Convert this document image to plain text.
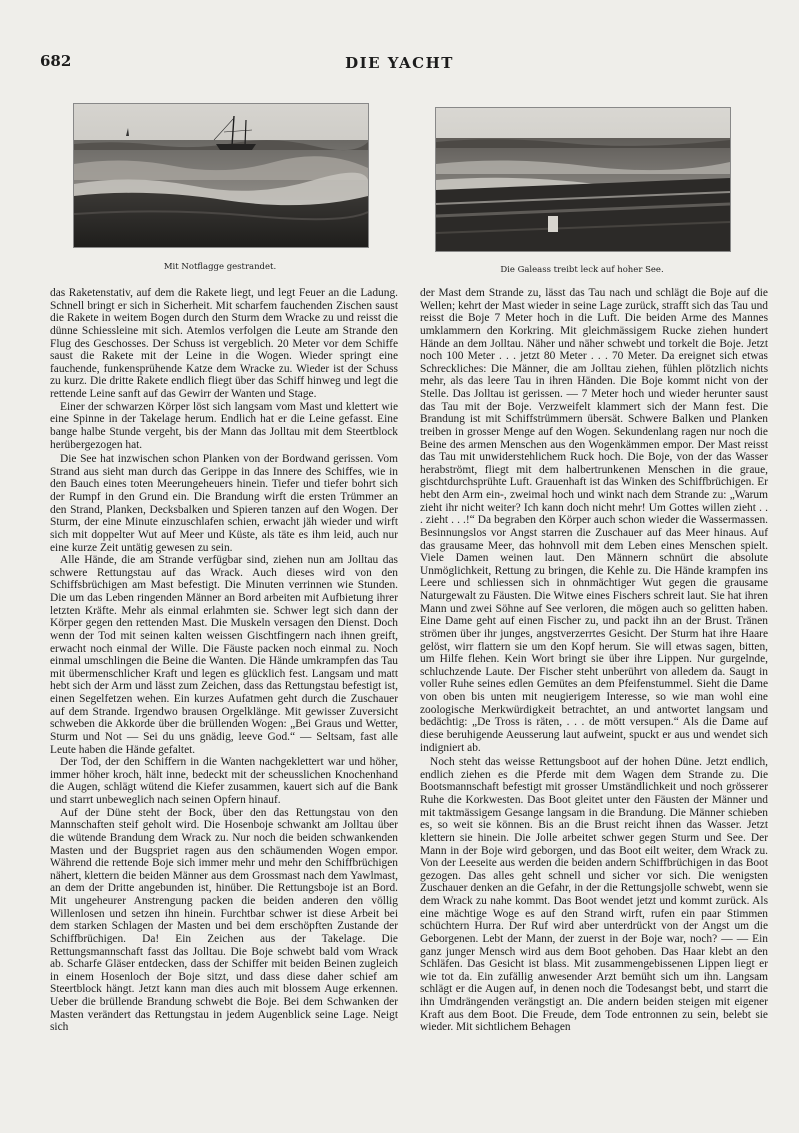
682	DIE YACHT
Mit Notflagge gestrandet.	Die Galeass treibt leck auf hoher See.

das Raketenstativ, auf dem die Rakete liegt, und legt Feuer an die Ladung. Schnell bringt er sich in Sicherheit. Mit scharfem fauchenden Zischen saust die Rakete in weitem Bogen durch den Sturm dem Wracke zu und reisst die dünne Schiessleine mit sich. Atemlos verfolgen die Leute am Strande den Flug des Geschosses. Der Schuss ist vergeblich. 20 Meter vor dem Schiffe saust die Rakete mit der Leine in die Wogen. Wieder springt eine fauchende, funkensprühende Katze dem Wracke zu. Wieder ist der Schuss zu kurz. Die dritte Rakete endlich fliegt über das Schiff hinweg und legt die rettende Leine sanft auf das Gewirr der Wanten und Stage.

Einer der schwarzen Körper löst sich langsam vom Mast und klettert wie eine Spinne in der Takelage herum. Endlich hat er die Leine gefasst. Eine bange halbe Stunde vergeht, bis der Mann das Jolltau mit dem Steertblock herübergezogen hat.

Die See hat inzwischen schon Planken von der Bordwand gerissen. Vom Strand aus sieht man durch das Gerippe in das Innere des Schiffes, wie in den Bauch eines toten Meerungeheuers hinein. Tiefer und tiefer bohrt sich der Rumpf in den Grund ein. Die Brandung wirft die ersten Trümmer an den Strand, Planken, Decksbalken und Spieren tanzen auf den Wogen. Der Sturm, der eine Minute einzuschlafen schien, erwacht jäh wieder und wirft sich mit doppelter Wut auf Meer und Küste, als täte es ihm leid, auch nur eine kurze Zeit untätig gewesen zu sein.

Alle Hände, die am Strande verfügbar sind, ziehen nun am Jolltau das schwere Rettungstau auf das Wrack. Auch dieses wird von den Schiffsbrüchigen am Mast befestigt. Die Minuten verrinnen wie Stunden. Die um das Leben ringenden Männer an Bord arbeiten mit Aufbietung ihrer letzten Kräfte. Mehr als einmal erlahmten sie. Schwer legt sich dann der Körper gegen den rettenden Mast. Die Muskeln versagen den Dienst. Doch wenn der Tod mit seinen kalten weissen Gischtfingern nach ihnen greift, erwacht noch einmal der Wille. Die Fäuste packen noch einmal zu. Noch einmal umschlingen die Beine die Wanten. Die Hände umkrampfen das Tau mit übermenschlicher Kraft und legen es glücklich fest. Langsam und matt hebt sich der Arm und lässt zum Zeichen, dass das Rettungstau befestigt ist, einen Segelfetzen wehen. Ein kurzes Aufatmen geht durch die Zuschauer auf dem Strande. Irgendwo brausen Orgelklänge. Mit gewisser Zuversicht schweben die Akkorde über die brüllenden Wogen: „Bei Graus und Wetter, Sturm und Not — Sei du uns gnädig, leeve God.“ — Seltsam, fast alle Leute haben die Hände gefaltet.

Der Tod, der den Schiffern in die Wanten nachgeklettert war und höher, immer höher kroch, hält inne, bedeckt mit der scheusslichen Knochenhand die Augen, schlägt wütend die Kiefer zusammen, kauert sich auf die Bank und starrt unbeweglich nach seinen Opfern hinauf.

Auf der Düne steht der Bock, über den das Rettungstau von den Mannschaften steif geholt wird. Die Hosenboje schwankt am Jolltau über die wütende Brandung dem Wrack zu. Nur noch die beiden schwankenden Masten und der Bugspriet ragen aus den schäumenden Wogen empor. Während die rettende Boje sich immer mehr und mehr den Schiffbrüchigen nähert, klettern die beiden Männer aus dem Grossmast nach dem Yawlmast, an dem der Dritte angebunden ist, hinüber. Die Rettungsboje ist an Bord. Mit ungeheurer Anstrengung packen die beiden anderen den völlig Willenlosen und setzen ihn hinein. Furchtbar schwer ist diese Arbeit bei dem starken Schlagen der Masten und bei dem erschöpften Zustande der Schiffbrüchigen. Da! Ein Zeichen aus der Takelage. Die Rettungsmannschaft fasst das Jolltau. Die Boje schwebt bald vom Wrack ab. Scharfe Gläser entdecken, dass der Schiffer mit beiden Beinen zugleich in einem Hosenloch der Boje sitzt, und dass diese daher schief am Steertblock hängt. Jetzt kann man dies auch mit blossem Auge erkennen. Ueber die brüllende Brandung schwebt die Boje. Bei dem Schwanken der Masten verändert das Rettungstau in jedem Augenblick seine Lage. Neigt sich

der Mast dem Strande zu, lässt das Tau nach und schlägt die Boje auf die Wellen; kehrt der Mast wieder in seine Lage zurück, strafft sich das Tau und reisst die Boje 7 Meter hoch in die Luft. Die beiden Arme des Mannes umklammern den Korkring. Mit gleichmässigem Rucke ziehen hundert Hände an dem Jolltau. Näher und näher schwebt und torkelt die Boje. Jetzt noch 100 Meter . . . jetzt 80 Meter . . . 70 Meter. Da ereignet sich etwas Schreckliches: Die Männer, die am Jolltau ziehen, fühlen plötzlich nichts mehr, als das leere Tau in ihren Händen. Die Boje kommt nicht von der Stelle. Das Jolltau ist gerissen. — 7 Meter hoch und wieder herunter saust das Tau mit der Boje. Verzweifelt klammert sich der Mann fest. Die Brandung ist mit Schiffstrümmern übersät. Schwere Balken und Planken treiben in grosser Menge auf den Wogen. Sekundenlang ragen nur noch die Beine des armen Menschen aus den Wogenkämmen empor. Der Mast reisst das Tau mit unwiderstehlichem Ruck hoch. Die Boje, von der das Wasser herabströmt, fliegt mit dem halbertrunkenen Menschen in die graue, gischtdurchsprühte Luft. Grauenhaft ist das Winken des Schiffbrüchigen. Er hebt den Arm ein-, zweimal hoch und winkt nach dem Strande zu: „Warum zieht ihr nicht weiter? Ich kann doch nicht mehr! Um Gottes willen zieht . . . zieht . . .!“ Da begraben den Körper auch schon wieder die Wassermassen. Besinnungslos vor Angst starren die Zuschauer auf das Meer hinaus. Auf das grausame Meer, das hohnvoll mit dem Leben eines Menschen spielt. Viele Damen weinen laut. Den Männern schnürt die absolute Unmöglichkeit, Rettung zu bringen, die Kehle zu. Die Hände krampfen ins Leere und schliessen sich in ohnmächtiger Wut gegen die grausame Naturgewalt zu Fäusten. Die Witwe eines Fischers schreit laut. Sie hat ihren Mann und zwei Söhne auf See verloren, die mögen auch so gelitten haben. Eine Dame geht auf einen Fischer zu, und packt ihn an der Brust. Tränen strömen über ihr junges, angstverzerrtes Gesicht. Der Sturm hat ihre Haare gelöst, wirr flattern sie um den Kopf herum. Sie will etwas sagen, bitten, um Hilfe flehen. Kein Wort bringt sie über ihre Lippen. Nur gurgelnde, schluchzende Laute. Der Fischer steht unberührt von alledem da. Saugt in voller Ruhe seines edlen Gemütes an dem Pfeifenstummel. Sieht die Dame von oben bis unten mit neugierigem Interesse, so wie man wohl eine zoologische Merkwürdigkeit betrachtet, an und antwortet langsam und bedächtig: „De Tross is räten, . . . de mött versupen.“ Als die Dame auf diese beruhigende Aeusserung laut aufweint, spuckt er aus und wendet sich indigniert ab.

Noch steht das weisse Rettungsboot auf der hohen Düne. Jetzt endlich, endlich ziehen es die Pferde mit dem Wagen dem Strande zu. Die Bootsmannschaft befestigt mit grosser Umständlichkeit und noch grösserer Ruhe die Korkwesten. Das Boot gleitet unter den Fäusten der Männer und mit taktmässigem Gesange langsam in die Brandung. Die Männer schieben es, so weit sie können. Bis an die Brust reicht ihnen das Wasser. Jetzt klettern sie hinein. Die Jolle arbeitet schwer gegen Sturm und See. Der Mann in der Boje wird geborgen, und das Boot eilt weiter, dem Wrack zu. Von der Leeseite aus werden die beiden andern Schiffbrüchigen in das Boot gezogen. Das alles geht schnell und sicher vor sich. Die wenigsten Zuschauer denken an die Gefahr, in der die Rettungsjolle schwebt, wenn sie dem Wrack zu nahe kommt. Das Boot wendet jetzt und kommt zurück. Als eine mächtige Woge es auf den Strand wirft, rufen ein paar Stimmen schüchtern Hurra. Der Ruf wird aber unterdrückt von der Angst um die Geborgenen. Lebt der Mann, der zuerst in der Boje war, noch? — — Ein ganz junger Mensch wird aus dem Boot gehoben. Das Haar klebt an den Schläfen. Das Gesicht ist blass. Mit zusammengebissenen Lippen liegt er wie tot da. Ein zufällig anwesender Arzt bemüht sich um ihn. Langsam schlägt er die Augen auf, in denen noch die Todesangst bebt, und starrt die ihn Umdrängenden verängstigt an. Die andern beiden steigen mit eigener Kraft aus dem Boot. Die Freude, dem Tode entronnen zu sein, belebt sie wieder. Mit sichtlichem Behagen
